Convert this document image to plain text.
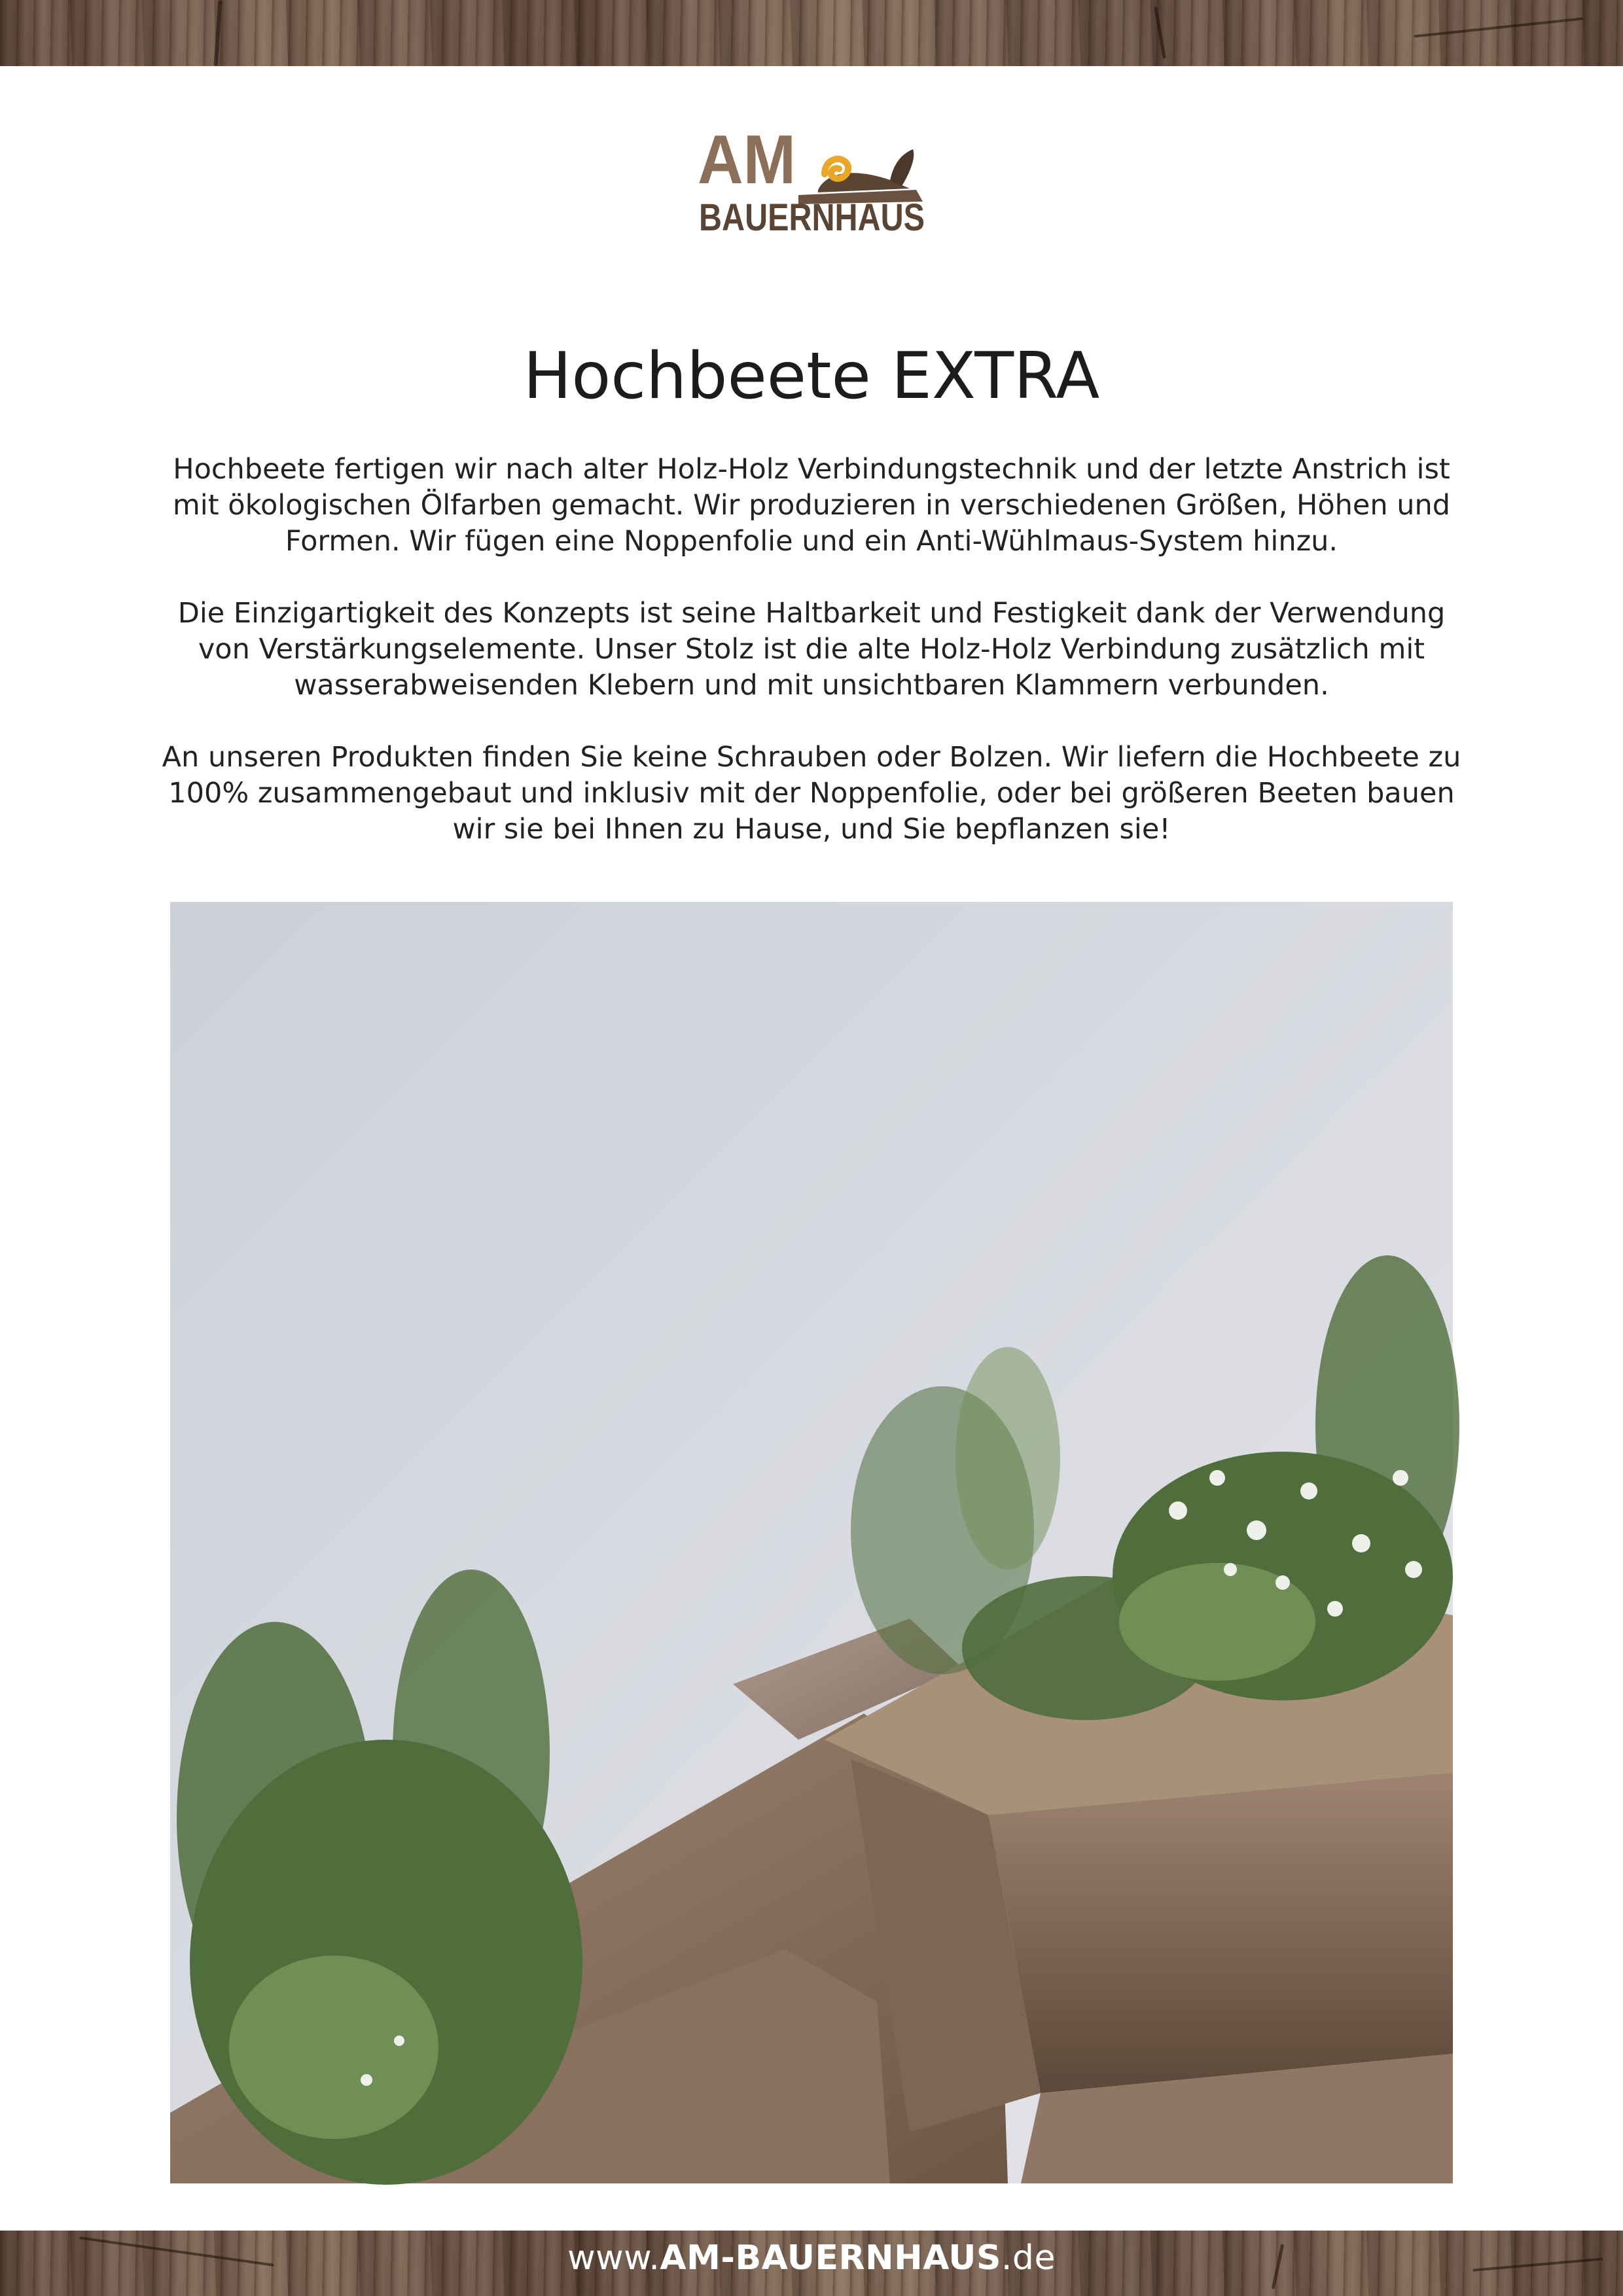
AM
BAUERNHAUS
Hochbeete EXTRA

Hochbeete fertigen wir nach alter Holz-Holz Verbindungstechnik und der letzte Anstrich ist mit ökologischen Ölfarben gemacht. Wir produzieren in verschiedenen Größen, Höhen und Formen. Wir fügen eine Noppenfolie und ein Anti-Wühlmaus-System hinzu.

Die Einzigartigkeit des Konzepts ist seine Haltbarkeit und Festigkeit dank der Verwendung von Verstärkungselemente. Unser Stolz ist die alte Holz-Holz Verbindung zusätzlich mit wasserabweisenden Klebern und mit unsichtbaren Klammern verbunden.

An unseren Produkten finden Sie keine Schrauben oder Bolzen. Wir liefern die Hochbeete zu 100% zusammengebaut und inklusiv mit der Noppenfolie, oder bei größeren Beeten bauen wir sie bei Ihnen zu Hause, und Sie bepflanzen sie!

www.AM-BAUERNHAUS.de
